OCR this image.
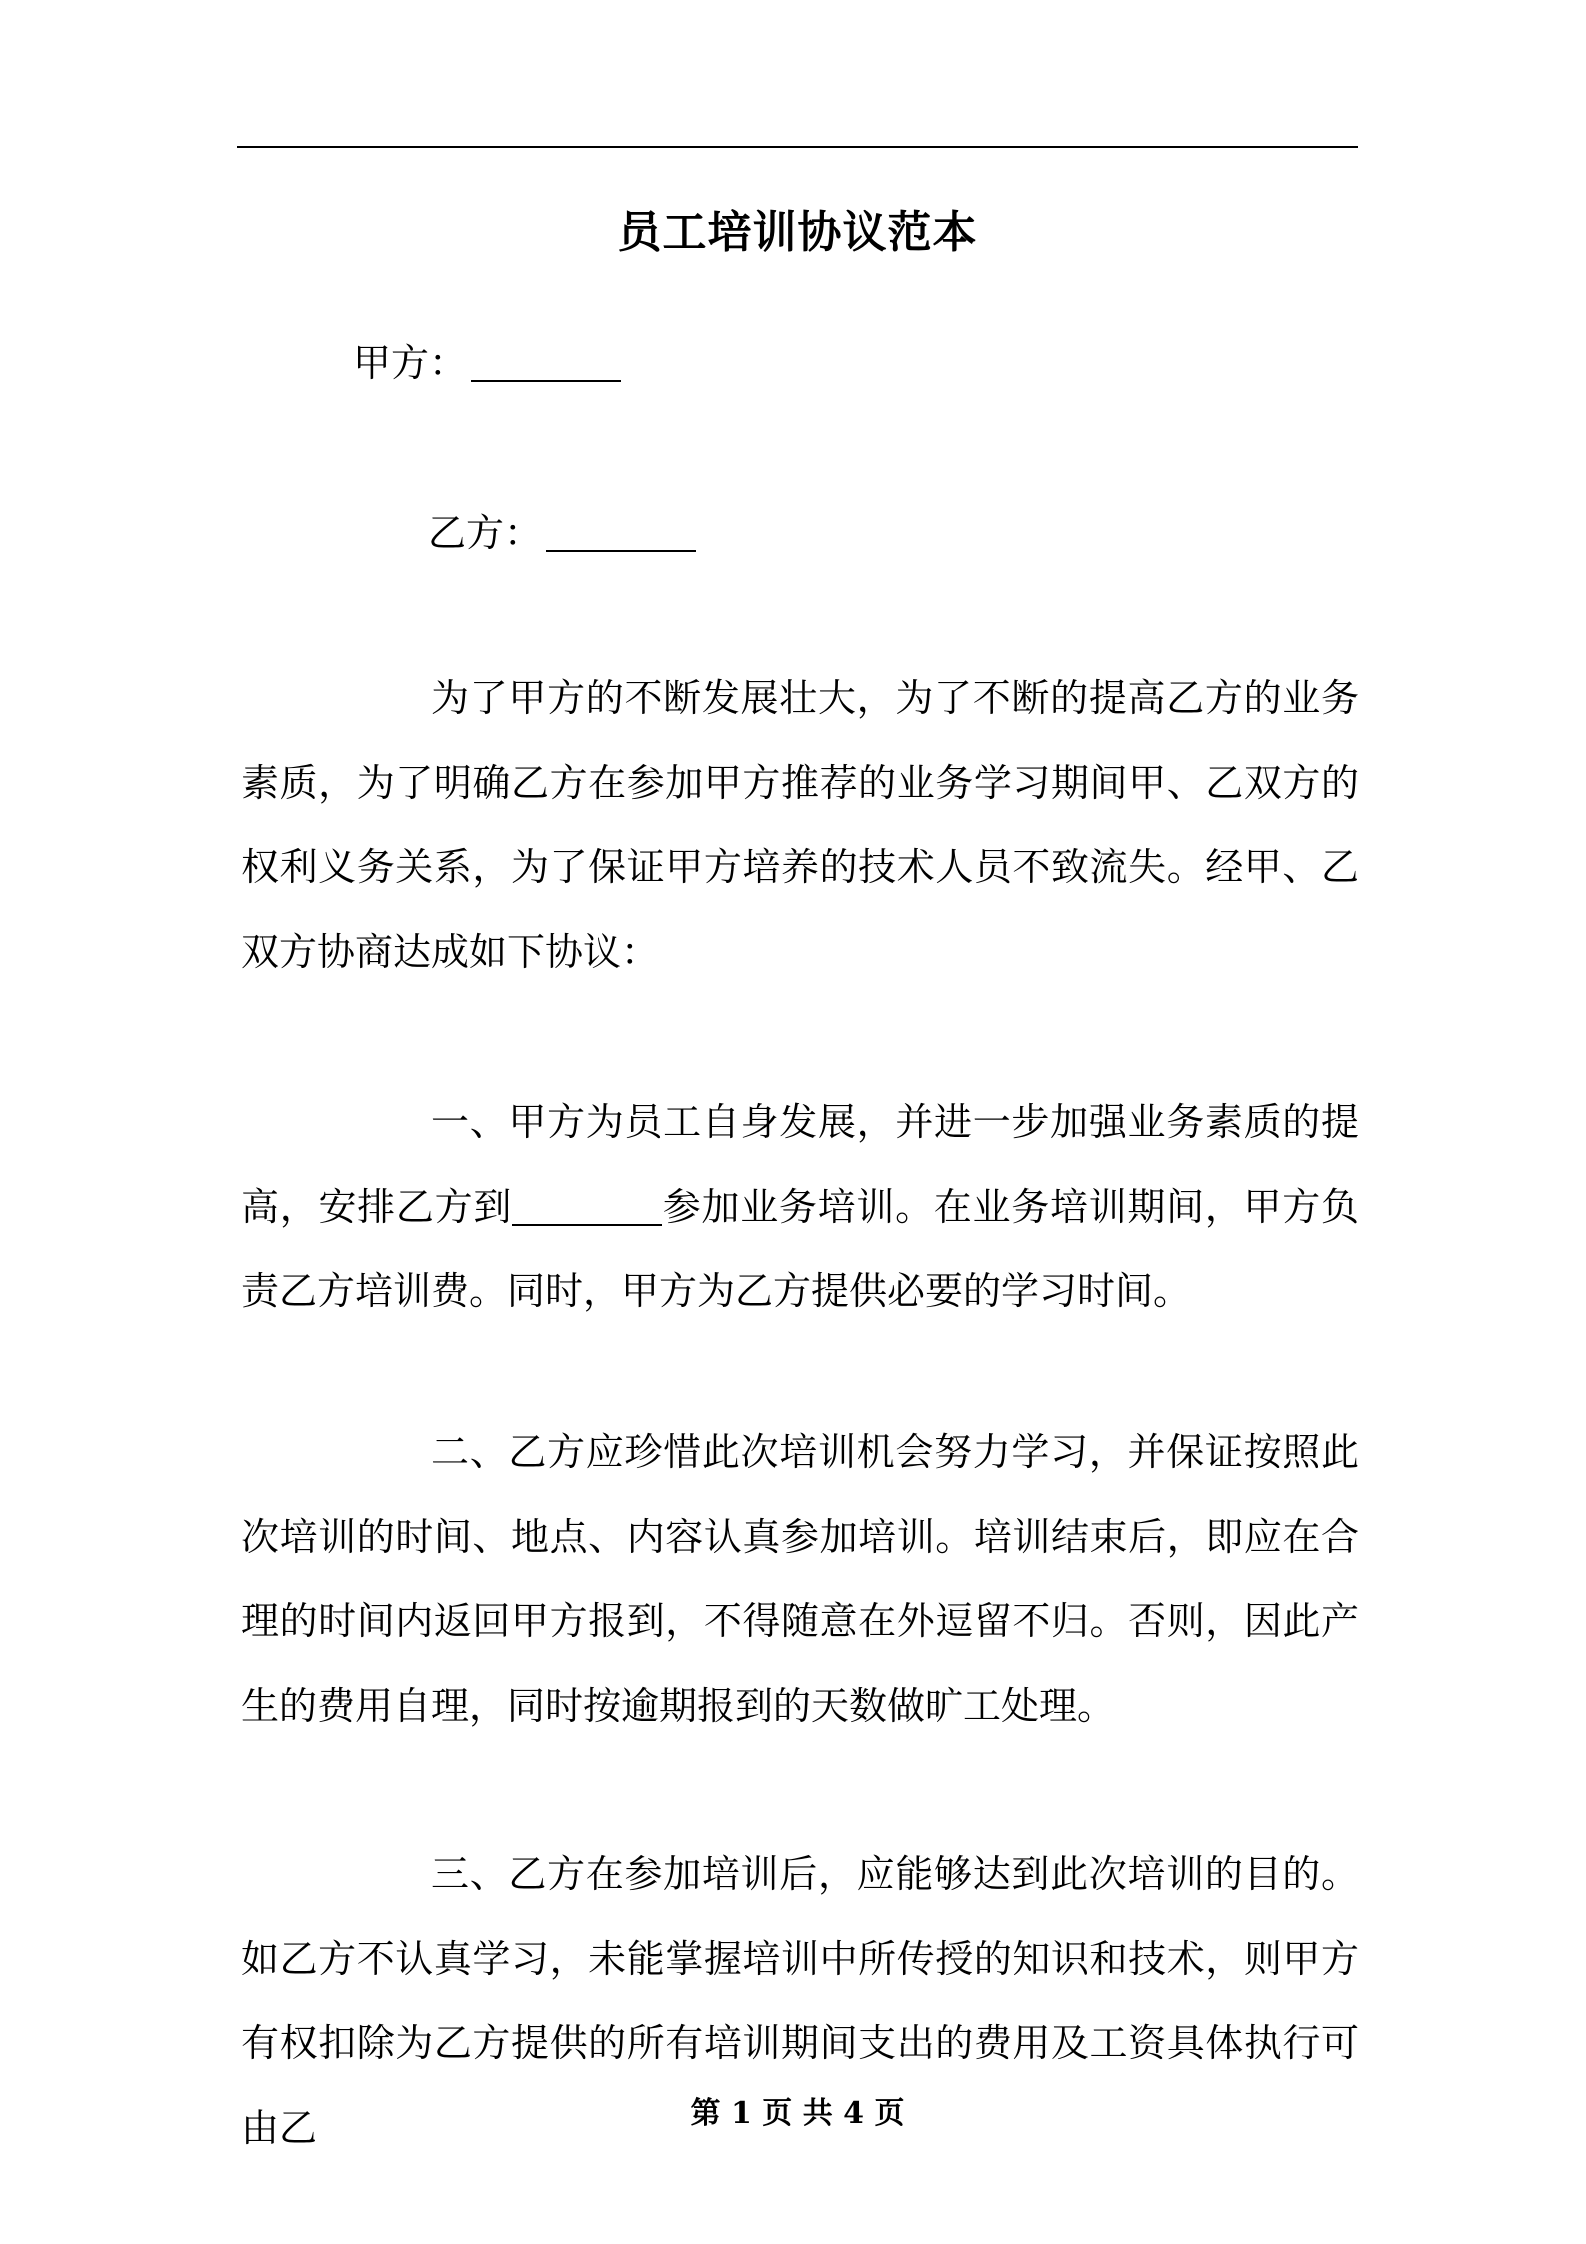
员工培训协议范本
甲方：
乙方：

为了甲方的不断发展壮大，为了不断的提高乙方的业务素质，为了明确乙方在参加甲方推荐的业务学习期间甲、乙双方的权利义务关系，为了保证甲方培养的技术人员不致流失。经甲、乙双方协商达成如下协议：

一、甲方为员工自身发展，并进一步加强业务素质的提高，安排乙方到	参加业务培训。在业务培训期间，甲方负责乙方培训费。同时，甲方为乙方提供必要的学习时间。

二、乙方应珍惜此次培训机会努力学习，并保证按照此次培训的时间、地点、内容认真参加培训。培训结束后，即应在合理的时间内返回甲方报到，不得随意在外逗留不归。否则，因此产生的费用自理，同时按逾期报到的天数做旷工处理。

三、乙方在参加培训后，应能够达到此次培训的目的。如乙方不认真学习，未能掌握培训中所传授的知识和技术，则甲方有权扣除为乙方提供的所有培训期间支出的费用及工资具体执行可由乙	第 1 页 共 4 页
